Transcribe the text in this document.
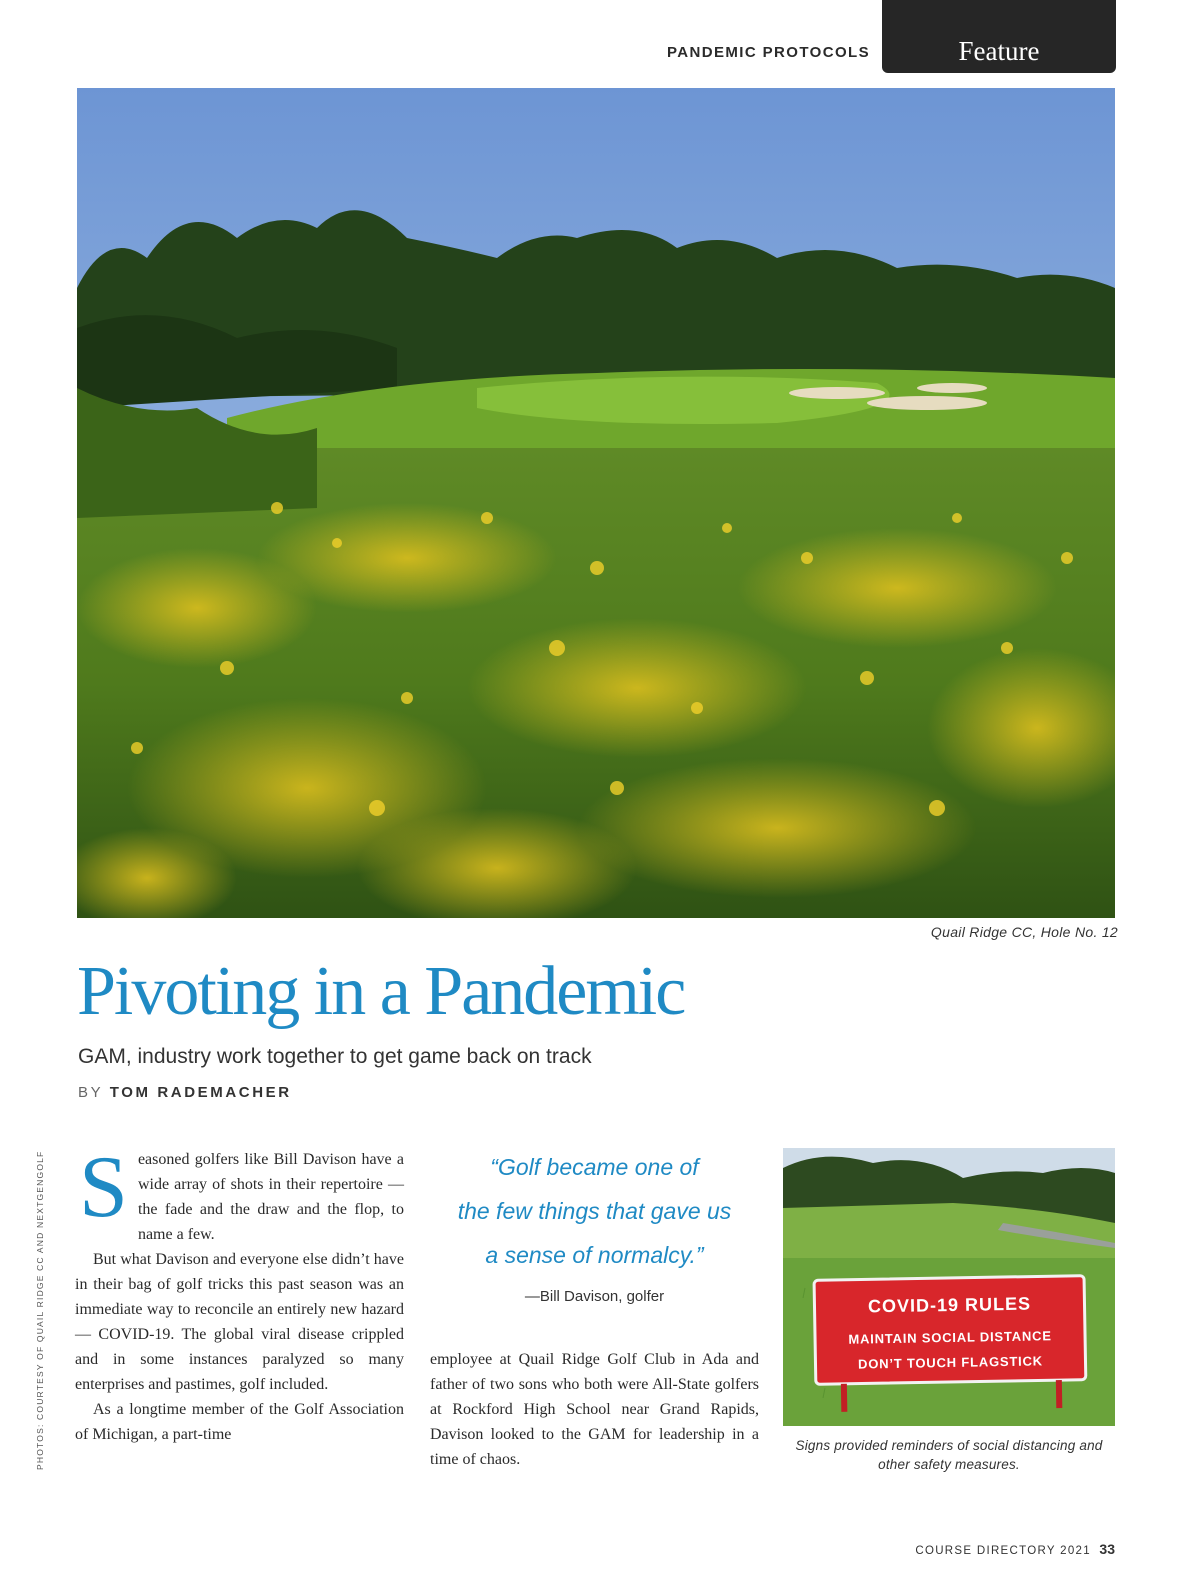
PANDEMIC PROTOCOLS	Feature
Quail Ridge CC, Hole No. 12
Pivoting in a Pandemic
GAM, industry work together to get game back on track
BY TOM RADEMACHER
PHOTOS: COURTESY OF QUAIL RIDGE CC AND NEXTGENGOLF Seasoned golfers like Bill Davison have a wide array of shots in their repertoire — the fade and the draw and the flop, to name a few.

But what Davison and everyone else didn’t have in their bag of golf tricks this past season was an immediate way to reconcile an entirely new hazard — COVID-19. The global viral disease crippled and in some instances paralyzed so many enterprises and pastimes, golf included.

As a longtime member of the Golf Association of Michigan, a part-time

“Golf became one of
the few things that gave us
a sense of normalcy.”
—Bill Davison, golfer

employee at Quail Ridge Golf Club in Ada and father of two sons who both were All-State golfers at Rockford High School near Grand Rapids, Davison looked to the GAM for leadership in a time of chaos.

COVID-19 RULES
MAINTAIN SOCIAL DISTANCE
DON’T TOUCH FLAGSTICK
Signs provided reminders of social distancing and other safety measures.
COURSE DIRECTORY 2021 33
